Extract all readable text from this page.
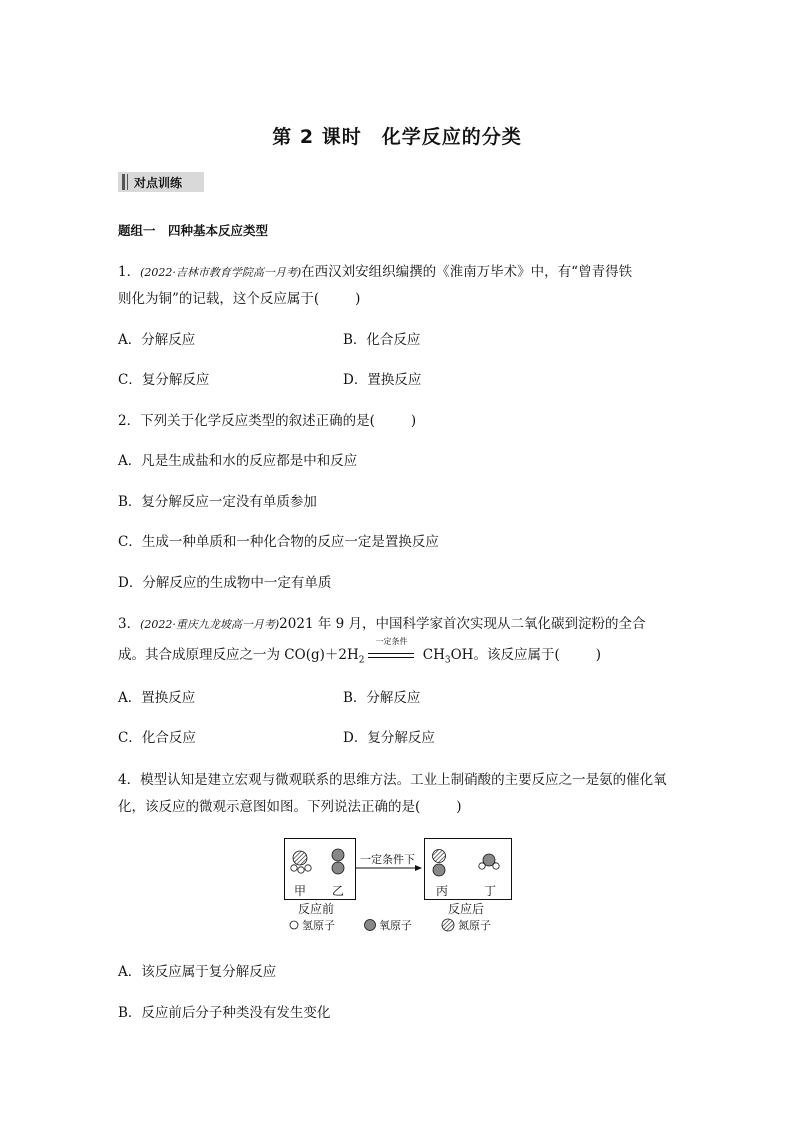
第 2 课时　化学反应的分类
对点训练
题组一　四种基本反应类型
1．(2022·吉林市教育学院高一月考)在西汉刘安组织编撰的《淮南万毕术》中，有“曾青得铁
则化为铜”的记载，这个反应属于(	)
A．分解反应	B．化合反应
C．复分解反应	D．置换反应
2．下列关于化学反应类型的叙述正确的是(	)
A．凡是生成盐和水的反应都是中和反应
B．复分解反应一定没有单质参加
C．生成一种单质和一种化合物的反应一定是置换反应
D．分解反应的生成物中一定有单质
3．(2022·重庆九龙坡高一月考)2021 年 9 月，中国科学家首次实现从二氧化碳到淀粉的全合
成。其合成原理反应之一为 $CO(g)+2H_2$
一定条件
$CH_3OH$。该反应属于(	)
A．置换反应	B．分解反应
C．化合反应	D．复分解反应
4．模型认知是建立宏观与微观联系的思维方法。工业上制硝酸的主要反应之一是氨的催化氧
化，该反应的微观示意图如图。下列说法正确的是(	)
甲 乙	丙	丁
一定条件下
反应前	反应后
氢原子	氧原子	氮原子
A．该反应属于复分解反应
B．反应前后分子种类没有发生变化
